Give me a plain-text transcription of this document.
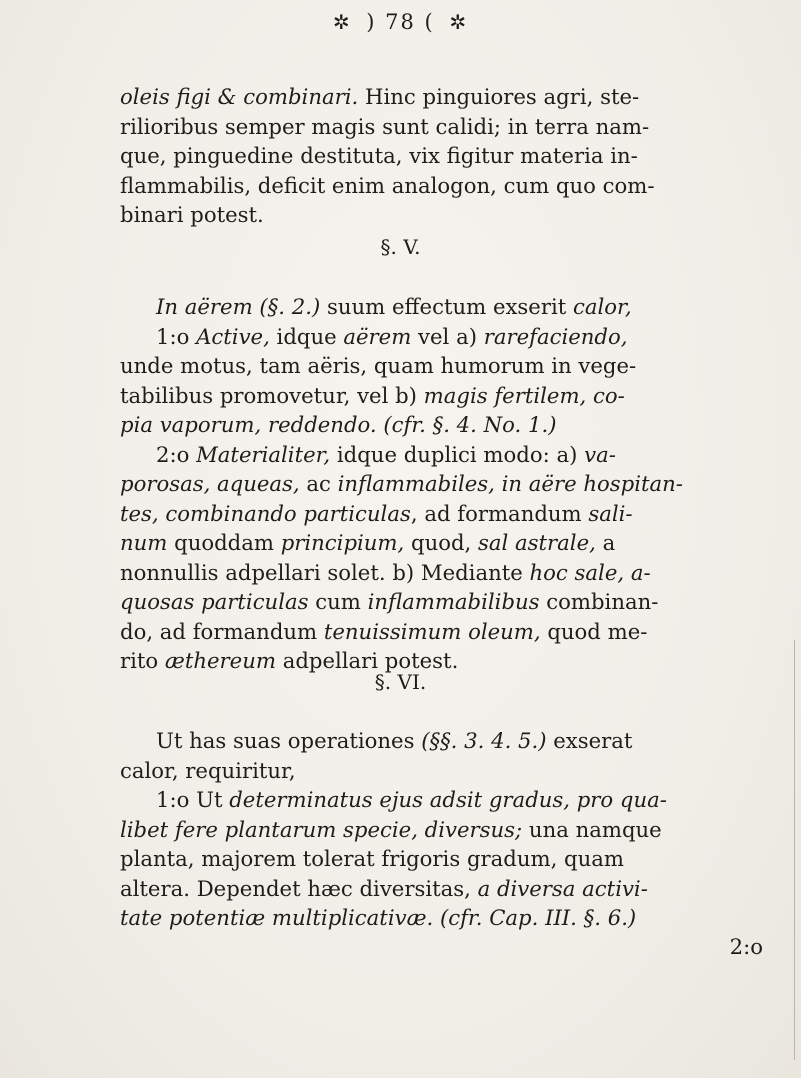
✲ ) 78 ( ✲
oleis figi & combinari. Hinc pinguiores agri, ste-
rilioribus semper magis sunt calidi; in terra nam-
que, pinguedine destituta, vix figitur materia in-
flammabilis, deficit enim analogon, cum quo com-
binari potest.
§. V.
In aërem (§. 2.) suum effectum exserit calor,
1:o Active, idque aërem vel a) rarefaciendo,
unde motus, tam aëris, quam humorum in vege-
tabilibus promovetur, vel b) magis fertilem, co-
pia vaporum, reddendo. (cfr. §. 4. No. 1.)
2:o Materialiter, idque duplici modo: a) va-
porosas, aqueas, ac inflammabiles, in aëre hospitan-
tes, combinando particulas, ad formandum sali-
num quoddam principium, quod, sal astrale, a
nonnullis adpellari solet. b) Mediante hoc sale, a-
quosas particulas cum inflammabilibus combinan-
do, ad formandum tenuissimum oleum, quod me-
rito æthereum adpellari potest.
§. VI.
Ut has suas operationes (§§. 3. 4. 5.) exserat
calor, requiritur,
1:o Ut determinatus ejus adsit gradus, pro qua-
libet fere plantarum specie, diversus; una namque
planta, majorem tolerat frigoris gradum, quam
altera. Dependet hæc diversitas, a diversa activi-
tate potentiæ multiplicativæ. (cfr. Cap. III. §. 6.)
2:o
